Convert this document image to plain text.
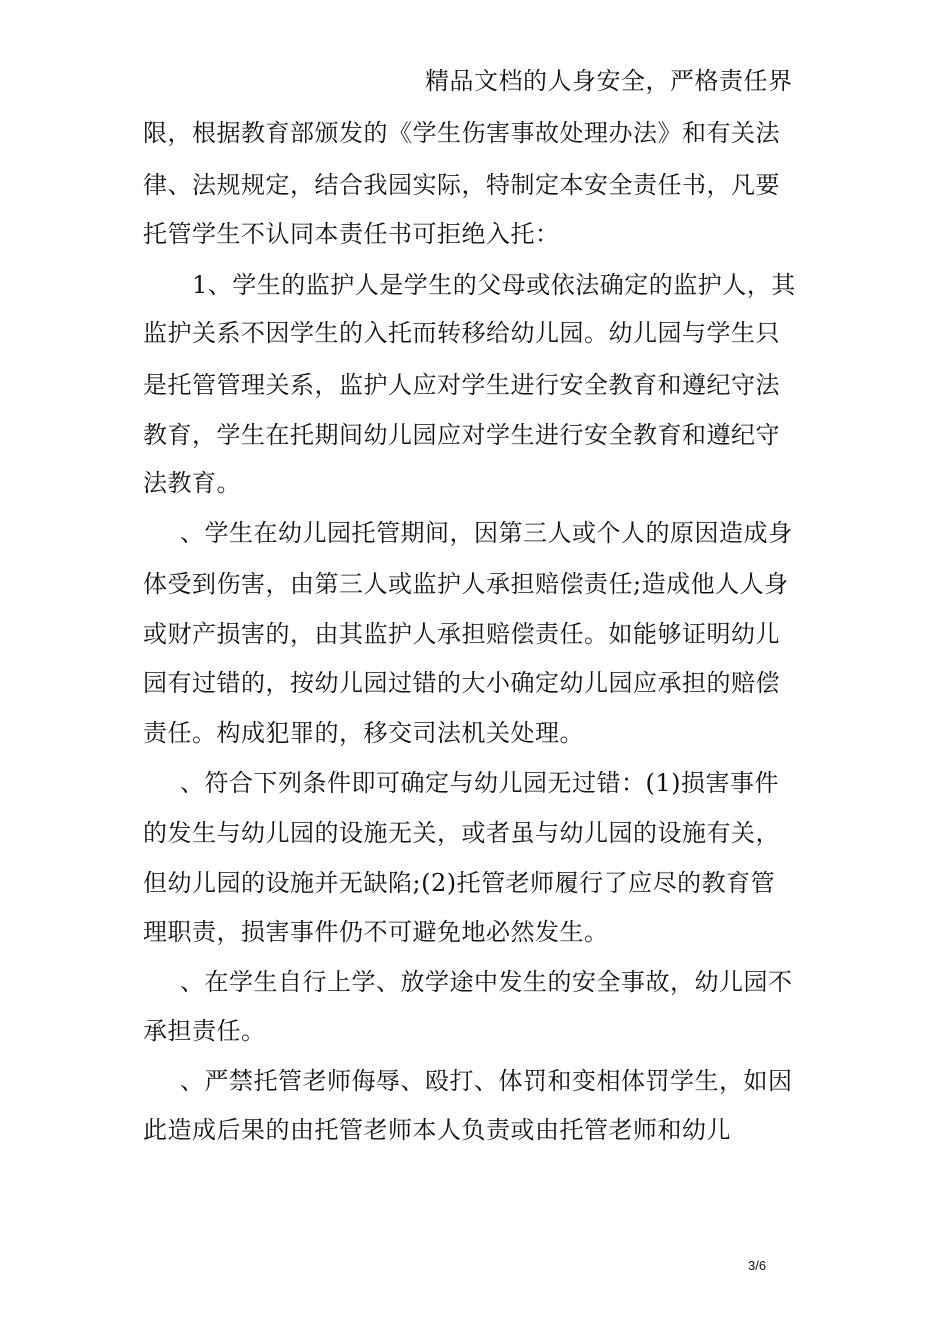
精品文档的人身安全，严格责任界
限，根据教育部颁发的《学生伤害事故处理办法》和有关法
律、法规规定，结合我园实际，特制定本安全责任书，凡要
托管学生不认同本责任书可拒绝入托：
1、学生的监护人是学生的父母或依法确定的监护人，其
监护关系不因学生的入托而转移给幼儿园。幼儿园与学生只
是托管管理关系，监护人应对学生进行安全教育和遵纪守法
教育，学生在托期间幼儿园应对学生进行安全教育和遵纪守
法教育。
、学生在幼儿园托管期间，因第三人或个人的原因造成身
体受到伤害，由第三人或监护人承担赔偿责任;造成他人人身
或财产损害的，由其监护人承担赔偿责任。如能够证明幼儿
园有过错的，按幼儿园过错的大小确定幼儿园应承担的赔偿
责任。构成犯罪的，移交司法机关处理。
、符合下列条件即可确定与幼儿园无过错：(1)损害事件
的发生与幼儿园的设施无关，或者虽与幼儿园的设施有关，
但幼儿园的设施并无缺陷;(2)托管老师履行了应尽的教育管
理职责，损害事件仍不可避免地必然发生。
、在学生自行上学、放学途中发生的安全事故，幼儿园不
承担责任。
、严禁托管老师侮辱、殴打、体罚和变相体罚学生，如因
此造成后果的由托管老师本人负责或由托管老师和幼儿
3/6
